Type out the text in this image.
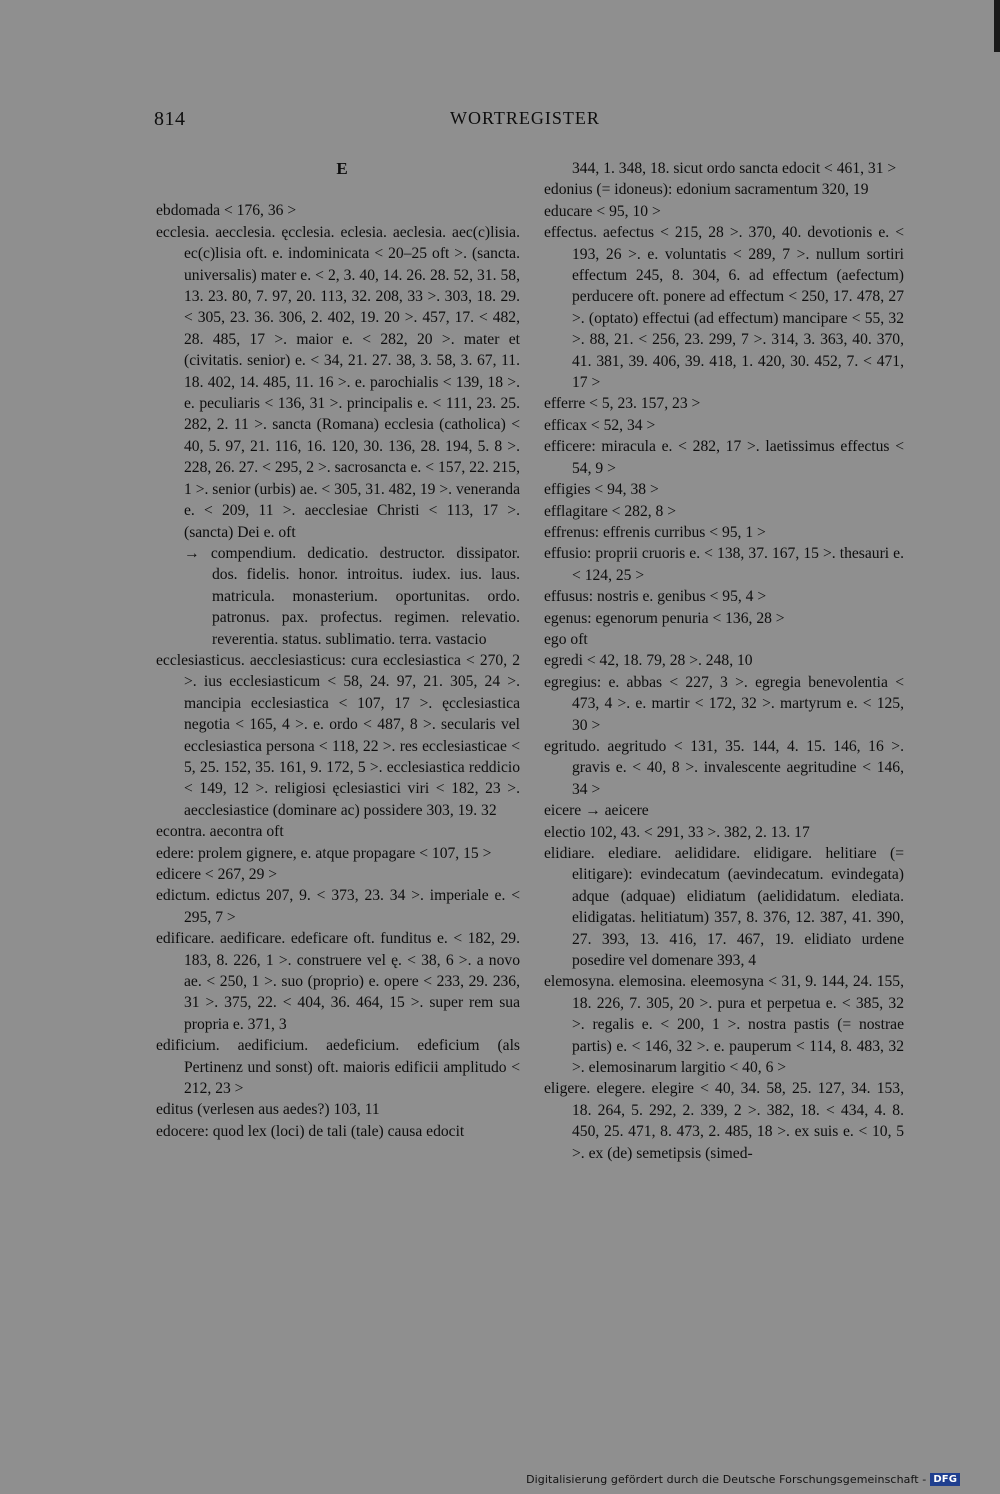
814	WORTREGISTER
E

ebdomada < 176, 36 >

ecclesia. aecclesia. ęcclesia. eclesia. aeclesia. aec(c)lisia. ec(c)lisia oft. e. indominicata < 20–25 oft >. (sancta. universalis) mater e. < 2, 3. 40, 14. 26. 28. 52, 31. 58, 13. 23. 80, 7. 97, 20. 113, 32. 208, 33 >. 303, 18. 29. < 305, 23. 36. 306, 2. 402, 19. 20 >. 457, 17. < 482, 28. 485, 17 >. maior e. < 282, 20 >. mater et (civitatis. senior) e. < 34, 21. 27. 38, 3. 58, 3. 67, 11. 18. 402, 14. 485, 11. 16 >. e. parochialis < 139, 18 >. e. peculiaris < 136, 31 >. principalis e. < 111, 23. 25. 282, 2. 11 >. sancta (Romana) ecclesia (catholica) < 40, 5. 97, 21. 116, 16. 120, 30. 136, 28. 194, 5. 8 >. 228, 26. 27. < 295, 2 >. sacrosancta e. < 157, 22. 215, 1 >. senior (urbis) ae. < 305, 31. 482, 19 >. veneranda e. < 209, 11 >. aecclesiae Christi < 113, 17 >. (sancta) Dei e. oft

→ compendium. dedicatio. destructor. dissipator. dos. fidelis. honor. introitus. iudex. ius. laus. matricula. monasterium. oportunitas. ordo. patronus. pax. profectus. regimen. relevatio. reverentia. status. sublimatio. terra. vastacio

ecclesiasticus. aecclesiasticus: cura ecclesiastica < 270, 2 >. ius ecclesiasticum < 58, 24. 97, 21. 305, 24 >. mancipia ecclesiastica < 107, 17 >. ęcclesiastica negotia < 165, 4 >. e. ordo < 487, 8 >. secularis vel ecclesiastica persona < 118, 22 >. res ecclesiasticae < 5, 25. 152, 35. 161, 9. 172, 5 >. ecclesiastica reddicio < 149, 12 >. religiosi ęclesiastici viri < 182, 23 >. aecclesiastice (dominare ac) possidere 303, 19. 32

econtra. aecontra oft

edere: prolem gignere, e. atque propagare < 107, 15 >

edicere < 267, 29 >

edictum. edictus 207, 9. < 373, 23. 34 >. imperiale e. < 295, 7 >

edificare. aedificare. edeficare oft. funditus e. < 182, 29. 183, 8. 226, 1 >. construere vel ę. < 38, 6 >. a novo ae. < 250, 1 >. suo (proprio) e. opere < 233, 29. 236, 31 >. 375, 22. < 404, 36. 464, 15 >. super rem sua propria e. 371, 3

edificium. aedificium. aedeficium. edeficium (als Pertinenz und sonst) oft. maioris edificii amplitudo < 212, 23 >

editus (verlesen aus aedes?) 103, 11

edocere: quod lex (loci) de tali (tale) causa edocit

344, 1. 348, 18. sicut ordo sancta edocit < 461, 31 >

edonius (= idoneus): edonium sacramentum 320, 19

educare < 95, 10 >

effectus. aefectus < 215, 28 >. 370, 40. devotionis e. < 193, 26 >. e. voluntatis < 289, 7 >. nullum sortiri effectum 245, 8. 304, 6. ad effectum (aefectum) perducere oft. ponere ad effectum < 250, 17. 478, 27 >. (optato) effectui (ad effectum) mancipare < 55, 32 >. 88, 21. < 256, 23. 299, 7 >. 314, 3. 363, 40. 370, 41. 381, 39. 406, 39. 418, 1. 420, 30. 452, 7. < 471, 17 >

efferre < 5, 23. 157, 23 >

efficax < 52, 34 >

efficere: miracula e. < 282, 17 >. laetissimus effectus < 54, 9 >

effigies < 94, 38 >

efflagitare < 282, 8 >

effrenus: effrenis curribus < 95, 1 >

effusio: proprii cruoris e. < 138, 37. 167, 15 >. thesauri e. < 124, 25 >

effusus: nostris e. genibus < 95, 4 >

egenus: egenorum penuria < 136, 28 >

ego oft

egredi < 42, 18. 79, 28 >. 248, 10

egregius: e. abbas < 227, 3 >. egregia benevolentia < 473, 4 >. e. martir < 172, 32 >. martyrum e. < 125, 30 >

egritudo. aegritudo < 131, 35. 144, 4. 15. 146, 16 >. gravis e. < 40, 8 >. invalescente aegritudine < 146, 34 >

eicere → aeicere

electio 102, 43. < 291, 33 >. 382, 2. 13. 17

elidiare. elediare. aelididare. elidigare. helitiare (= elitigare): evindecatum (aevindecatum. evindegata) adque (adquae) elidiatum (aelididatum. elediata. elidigatas. helitiatum) 357, 8. 376, 12. 387, 41. 390, 27. 393, 13. 416, 17. 467, 19. elidiato urdene posedire vel domenare 393, 4

elemosyna. elemosina. eleemosyna < 31, 9. 144, 24. 155, 18. 226, 7. 305, 20 >. pura et perpetua e. < 385, 32 >. regalis e. < 200, 1 >. nostra pastis (= nostrae partis) e. < 146, 32 >. e. pauperum < 114, 8. 483, 32 >. elemosinarum largitio < 40, 6 >

eligere. elegere. elegire < 40, 34. 58, 25. 127, 34. 153, 18. 264, 5. 292, 2. 339, 2 >. 382, 18. < 434, 4. 8. 450, 25. 471, 8. 473, 2. 485, 18 >. ex suis e. < 10, 5 >. ex (de) semetipsis (simed-

Digitalisierung gefördert durch die Deutsche Forschungsgemeinschaft - DFG
